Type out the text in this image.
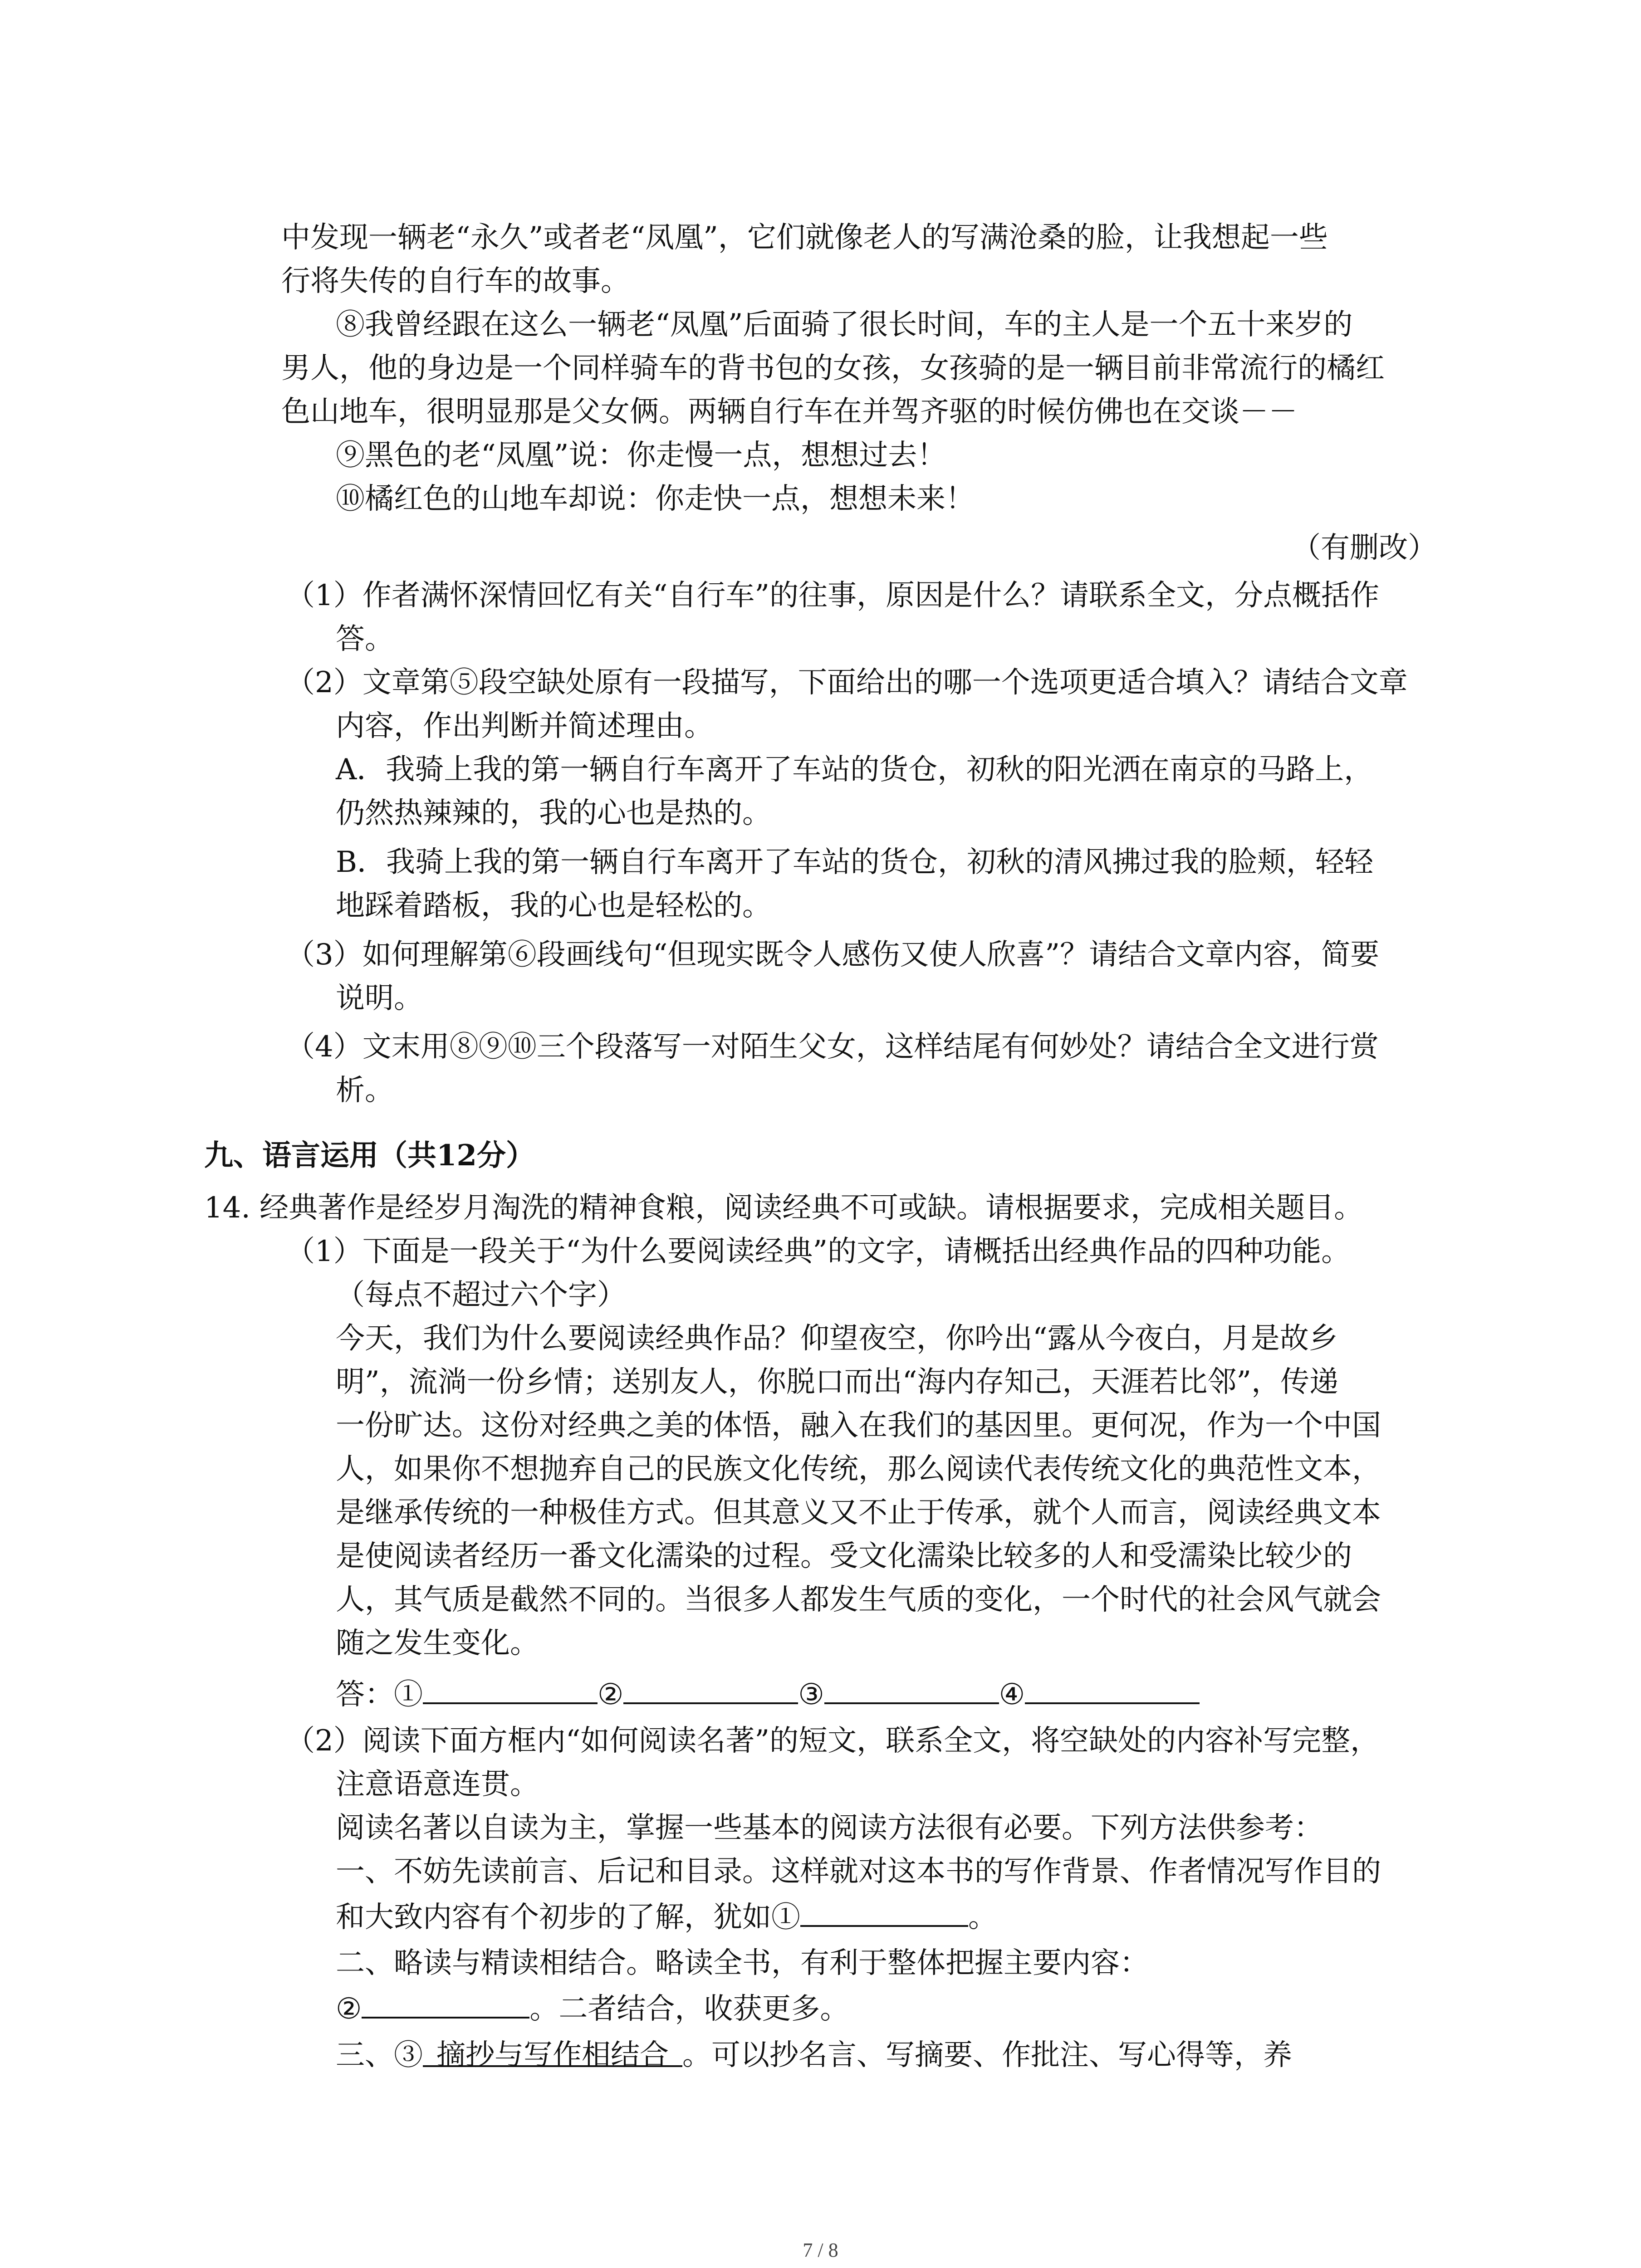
中发现一辆老“永久”或者老“凤凰”，它们就像老人的写满沧桑的脸，让我想起一些
行将失传的自行车的故事。
⑧我曾经跟在这么一辆老“凤凰”后面骑了很长时间，车的主人是一个五十来岁的
男人，他的身边是一个同样骑车的背书包的女孩，女孩骑的是一辆目前非常流行的橘红
色山地车，很明显那是父女俩。两辆自行车在并驾齐驱的时候仿佛也在交谈－－
⑨黑色的老“凤凰”说：你走慢一点，想想过去！
⑩橘红色的山地车却说：你走快一点，想想未来！
（有删改）
（1）作者满怀深情回忆有关“自行车”的往事，原因是什么？请联系全文，分点概括作
答。
（2）文章第⑤段空缺处原有一段描写，下面给出的哪一个选项更适合填入？请结合文章
内容，作出判断并简述理由。
A．我骑上我的第一辆自行车离开了车站的货仓，初秋的阳光洒在南京的马路上，
仍然热辣辣的，我的心也是热的。
B．我骑上我的第一辆自行车离开了车站的货仓，初秋的清风拂过我的脸颊，轻轻
地踩着踏板，我的心也是轻松的。
（3）如何理解第⑥段画线句“但现实既令人感伤又使人欣喜”？请结合文章内容，简要
说明。
（4）文末用⑧⑨⑩三个段落写一对陌生父女，这样结尾有何妙处？请结合全文进行赏
析。
九、语言运用（共12分）
14. 经典著作是经岁月淘洗的精神食粮，阅读经典不可或缺。请根据要求，完成相关题目。
（1）下面是一段关于“为什么要阅读经典”的文字，请概括出经典作品的四种功能。
（每点不超过六个字）
今天，我们为什么要阅读经典作品？仰望夜空，你吟出“露从今夜白，月是故乡
明”，流淌一份乡情；送别友人，你脱口而出“海内存知己，天涯若比邻”，传递
一份旷达。这份对经典之美的体悟，融入在我们的基因里。更何况，作为一个中国
人，如果你不想抛弃自己的民族文化传统，那么阅读代表传统文化的典范性文本，
是继承传统的一种极佳方式。但其意义又不止于传承，就个人而言，阅读经典文本
是使阅读者经历一番文化濡染的过程。受文化濡染比较多的人和受濡染比较少的
人，其气质是截然不同的。当很多人都发生气质的变化，一个时代的社会风气就会
随之发生变化。
答：①	②	③	④
（2）阅读下面方框内“如何阅读名著”的短文，联系全文，将空缺处的内容补写完整，
注意语意连贯。
阅读名著以自读为主，掌握一些基本的阅读方法很有必要。下列方法供参考：
一、不妨先读前言、后记和目录。这样就对这本书的写作背景、作者情况写作目的
和大致内容有个初步的了解，犹如①	。
二、略读与精读相结合。略读全书，有利于整体把握主要内容：
②	。二者结合，收获更多。
三、③ 摘抄与写作相结合 。可以抄名言、写摘要、作批注、写心得等，养
7 / 8
